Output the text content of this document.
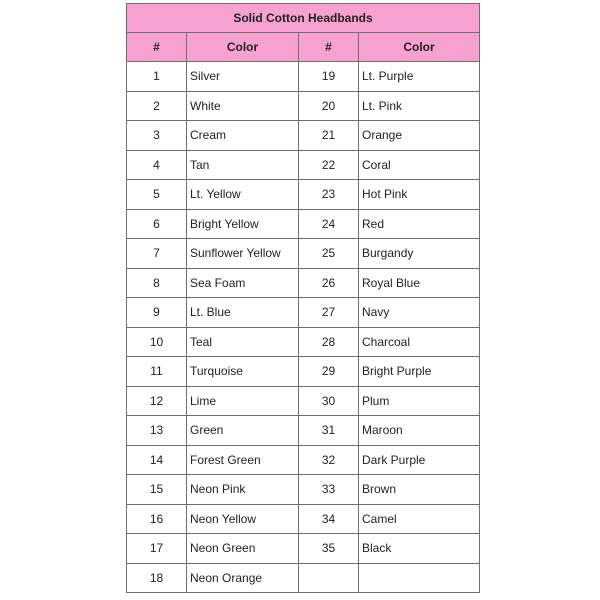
Solid Cotton Headbands			
#	Color	#	Color
1	Silver	19	Lt. Purple
2	White	20	Lt. Pink
3	Cream	21	Orange
4	Tan	22	Coral
5	Lt. Yellow	23	Hot Pink
6	Bright Yellow	24	Red
7	Sunflower Yellow	25	Burgandy
8	Sea Foam	26	Royal Blue
9	Lt. Blue	27	Navy
10	Teal	28	Charcoal
11	Turquoise	29	Bright Purple
12	Lime	30	Plum
13	Green	31	Maroon
14	Forest Green	32	Dark Purple
15	Neon Pink	33	Brown
16	Neon Yellow	34	Camel
17	Neon Green	35	Black
18	Neon Orange		
